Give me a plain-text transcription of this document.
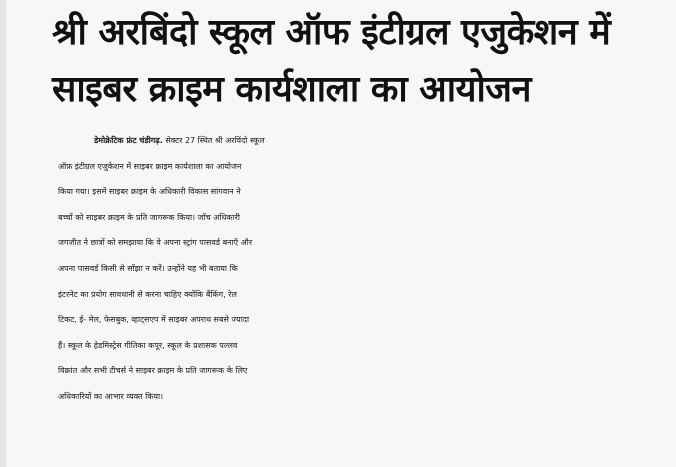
श्री अरबिंदो स्कूल ऑफ इंटीग्रल एजुकेशन में
साइबर क्राइम कार्यशाला का आयोजन
डेमोक्रेटिक फ्रंट चंडीगढ़. सेक्टर 27 स्थित श्री अरविंदो स्कूल
ऑफ़ इंटीग्रल एजुकेशन में साइबर क्राइम कार्यशाला का आयोजन
किया गया। इसमें साइबर क्राइम के अधिकारी विकास सांगवान ने
बच्चों को साइबर क्राइम के प्रति जागरूक किया। जाँच अधिकारी
जगजीत ने छात्रों को समझाया कि वे अपना स्ट्रांग पासवर्ड बनाएँ और
अपना पासवर्ड किसी से साँझा न करें। उन्होंने यह भी बताया कि
इंटरनेट का प्रयोग सावधानी से करना चाहिए क्योंकि बैंकिंग, रेल
टिकट, ई- मेल, फेसबुक, व्हाट्सएप में साइबर अपराध सबसे ज्यादा
हैं। स्कूल के हेडमिस्ट्रेस गीतिका कपूर, स्कूल के प्रशासक पल्लव
विक्रांत और सभी टीचर्स ने साइबर क्राइम के प्रति जागरूक के लिए
अधिकारियों का आभार व्यक्त किया।
